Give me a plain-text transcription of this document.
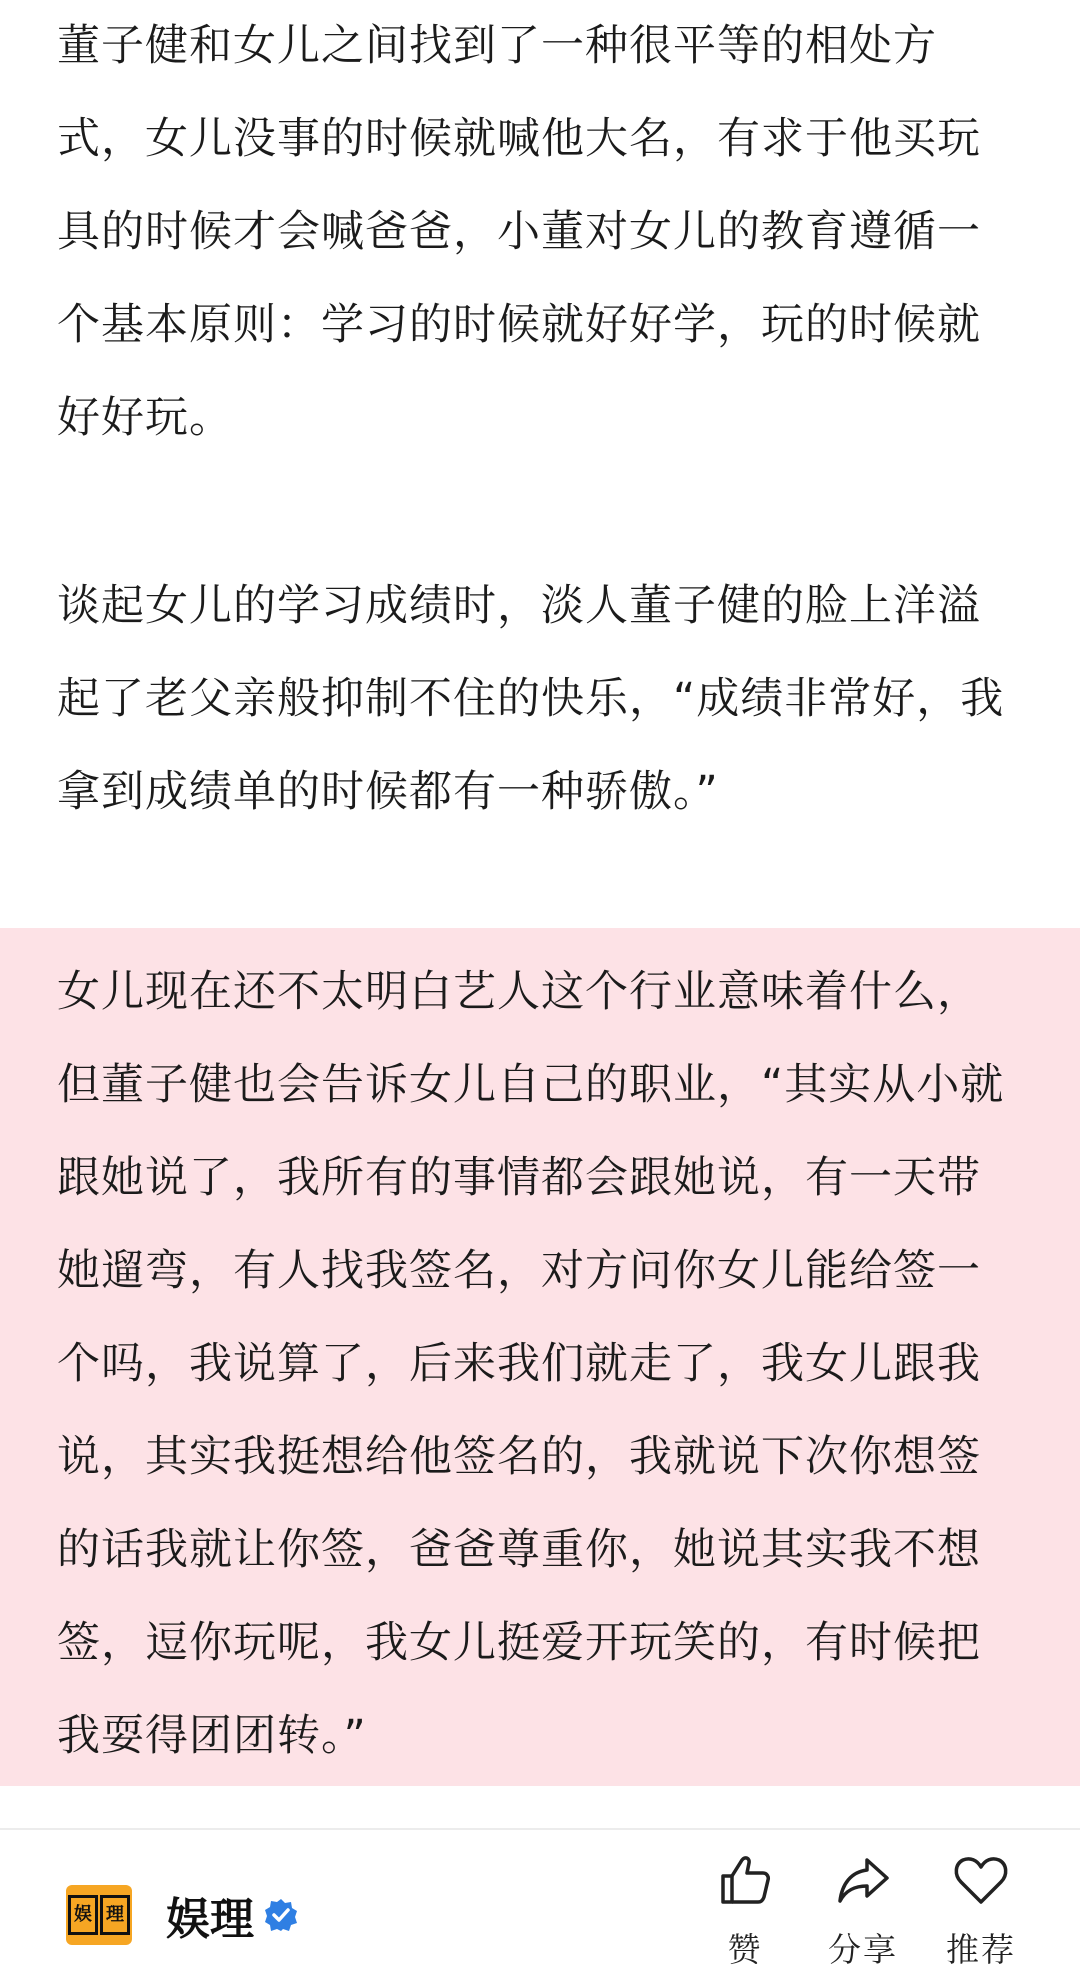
董子健和女儿之间找到了一种很平等的相处方式，女儿没事的时候就喊他大名，有求于他买玩具的时候才会喊爸爸，小董对女儿的教育遵循一个基本原则：学习的时候就好好学，玩的时候就好好玩。

谈起女儿的学习成绩时，淡人董子健的脸上洋溢起了老父亲般抑制不住的快乐，“成绩非常好，我拿到成绩单的时候都有一种骄傲。”

女儿现在还不太明白艺人这个行业意味着什么，但董子健也会告诉女儿自己的职业，“其实从小就跟她说了，我所有的事情都会跟她说，有一天带她遛弯，有人找我签名，对方问你女儿能给签一个吗，我说算了，后来我们就走了，我女儿跟我说，其实我挺想给他签名的，我就说下次你想签的话我就让你签，爸爸尊重你，她说其实我不想签，逗你玩呢，我女儿挺爱开玩笑的，有时候把我耍得团团转。”

娱 理 娱理
赞 分享 推荐
